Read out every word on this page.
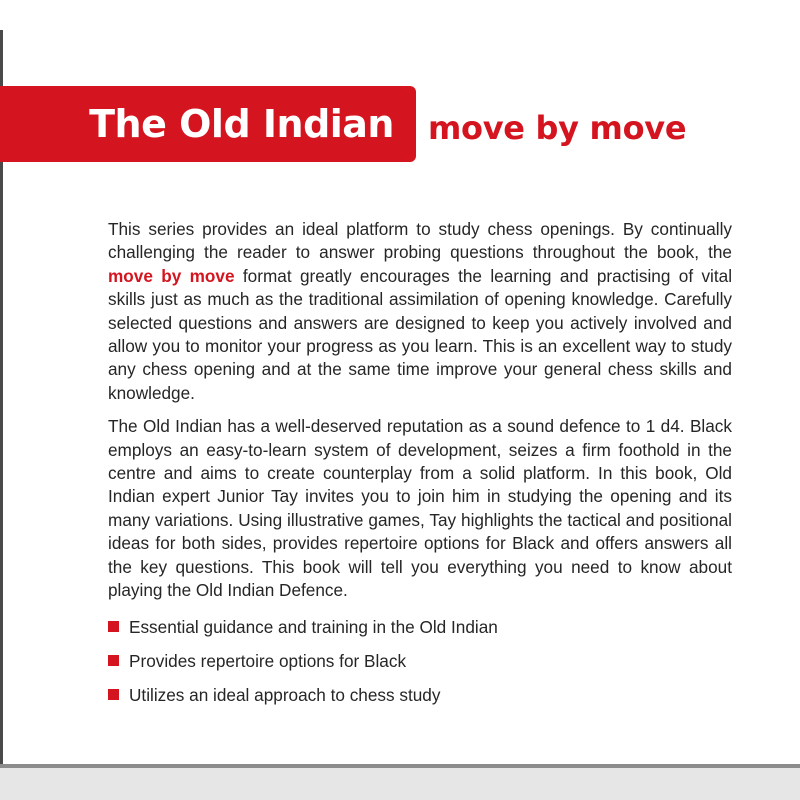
The Old Indian move by move

This series provides an ideal platform to study chess openings. By continually challenging the reader to answer probing questions throughout the book, the move by move format greatly encourages the learning and practising of vital skills just as much as the traditional assimilation of opening knowledge. Carefully selected questions and answers are designed to keep you actively involved and allow you to monitor your progress as you learn. This is an excellent way to study any chess opening and at the same time improve your general chess skills and knowledge.

The Old Indian has a well-deserved reputation as a sound defence to 1 d4. Black employs an easy-to-learn system of development, seizes a firm foothold in the centre and aims to create counterplay from a solid platform. In this book, Old Indian expert Junior Tay invites you to join him in studying the opening and its many variations. Using illustrative games, Tay highlights the tactical and positional ideas for both sides, provides repertoire options for Black and offers answers all the key questions. This book will tell you everything you need to know about playing the Old Indian Defence.

Essential guidance and training in the Old Indian
Provides repertoire options for Black
Utilizes an ideal approach to chess study
